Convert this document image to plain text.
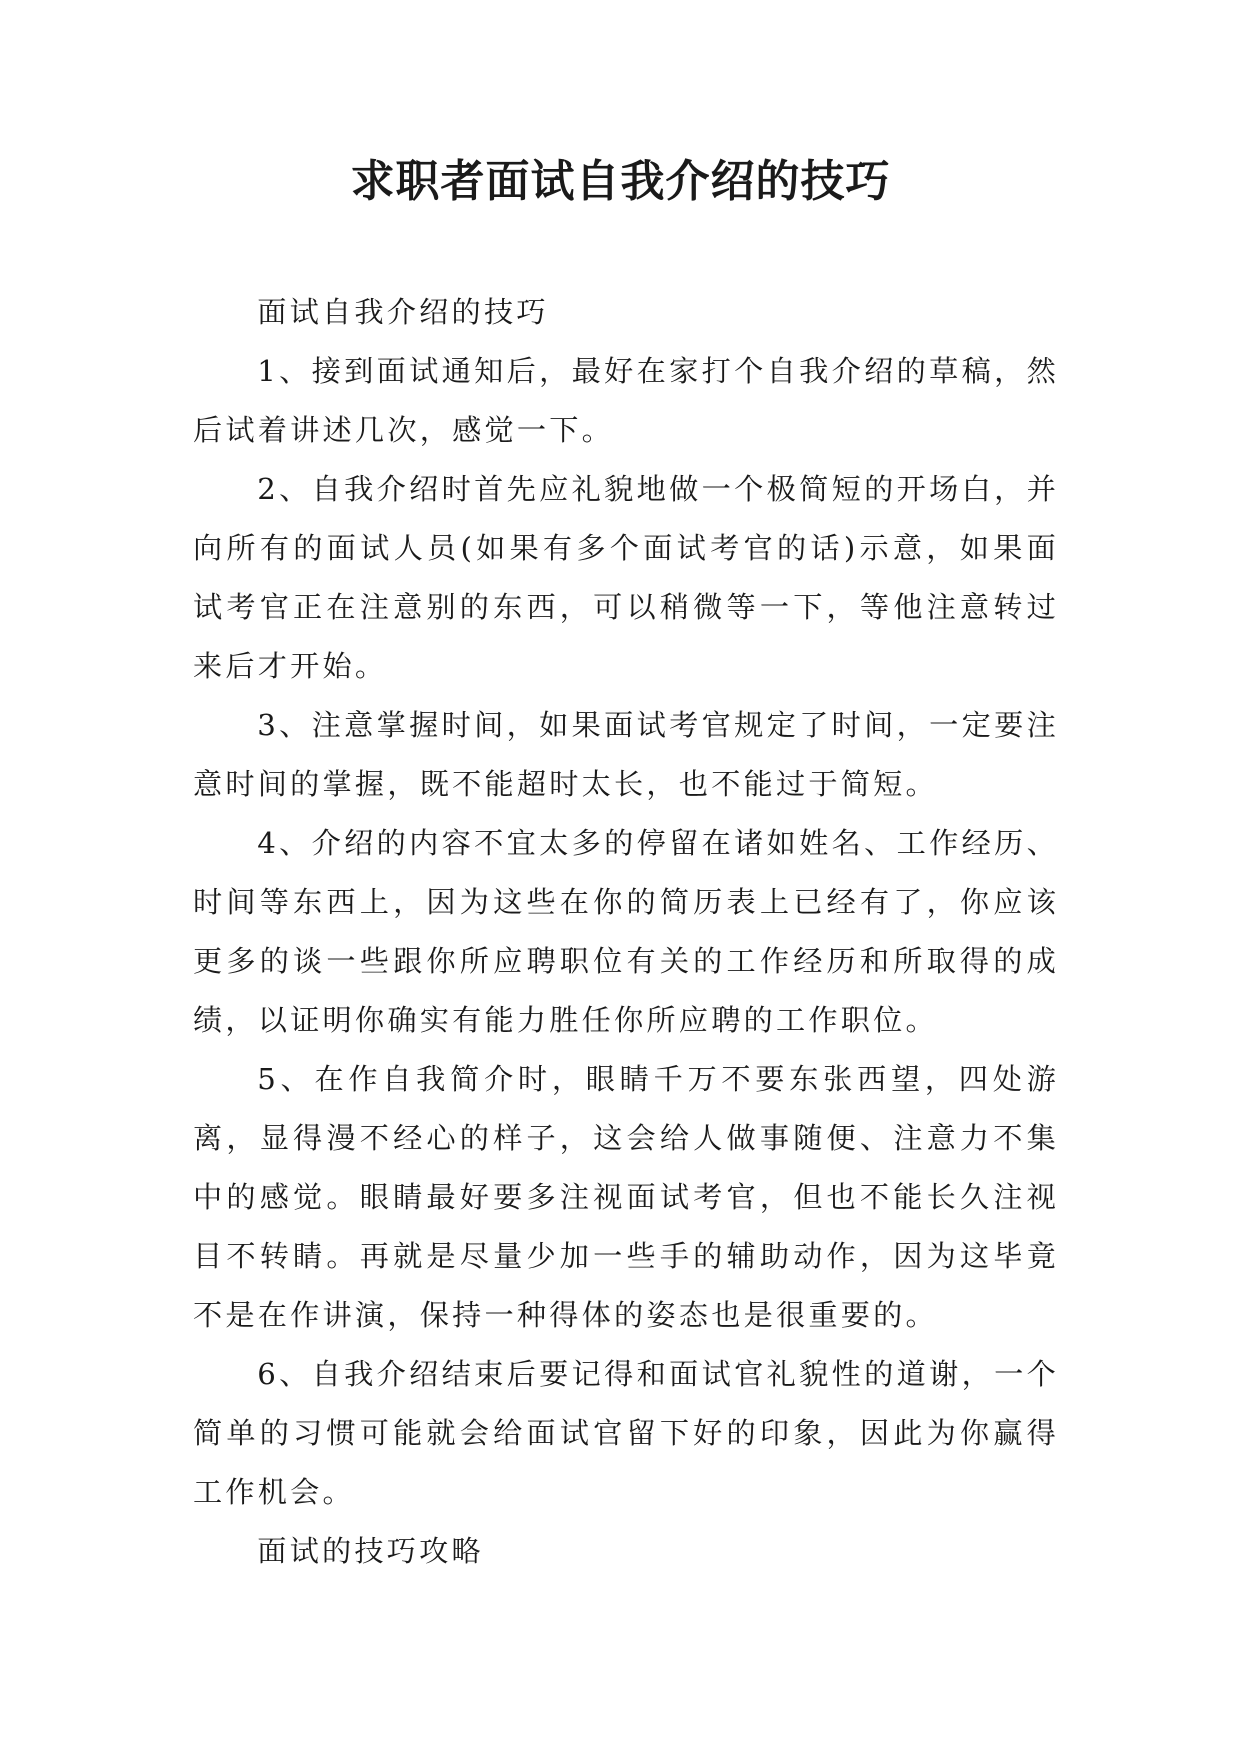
求职者面试自我介绍的技巧

面试自我介绍的技巧

1、接到面试通知后，最好在家打个自我介绍的草稿，然后试着讲述几次，感觉一下。

2、自我介绍时首先应礼貌地做一个极简短的开场白，并向所有的面试人员(如果有多个面试考官的话)示意，如果面试考官正在注意别的东西，可以稍微等一下，等他注意转过来后才开始。

3、注意掌握时间，如果面试考官规定了时间，一定要注意时间的掌握，既不能超时太长，也不能过于简短。

4、介绍的内容不宜太多的停留在诸如姓名、工作经历、时间等东西上，因为这些在你的简历表上已经有了，你应该更多的谈一些跟你所应聘职位有关的工作经历和所取得的成绩，以证明你确实有能力胜任你所应聘的工作职位。

5、在作自我简介时，眼睛千万不要东张西望，四处游离，显得漫不经心的样子，这会给人做事随便、注意力不集中的感觉。眼睛最好要多注视面试考官，但也不能长久注视目不转睛。再就是尽量少加一些手的辅助动作，因为这毕竟不是在作讲演，保持一种得体的姿态也是很重要的。

6、自我介绍结束后要记得和面试官礼貌性的道谢，一个简单的习惯可能就会给面试官留下好的印象，因此为你赢得工作机会。

面试的技巧攻略
